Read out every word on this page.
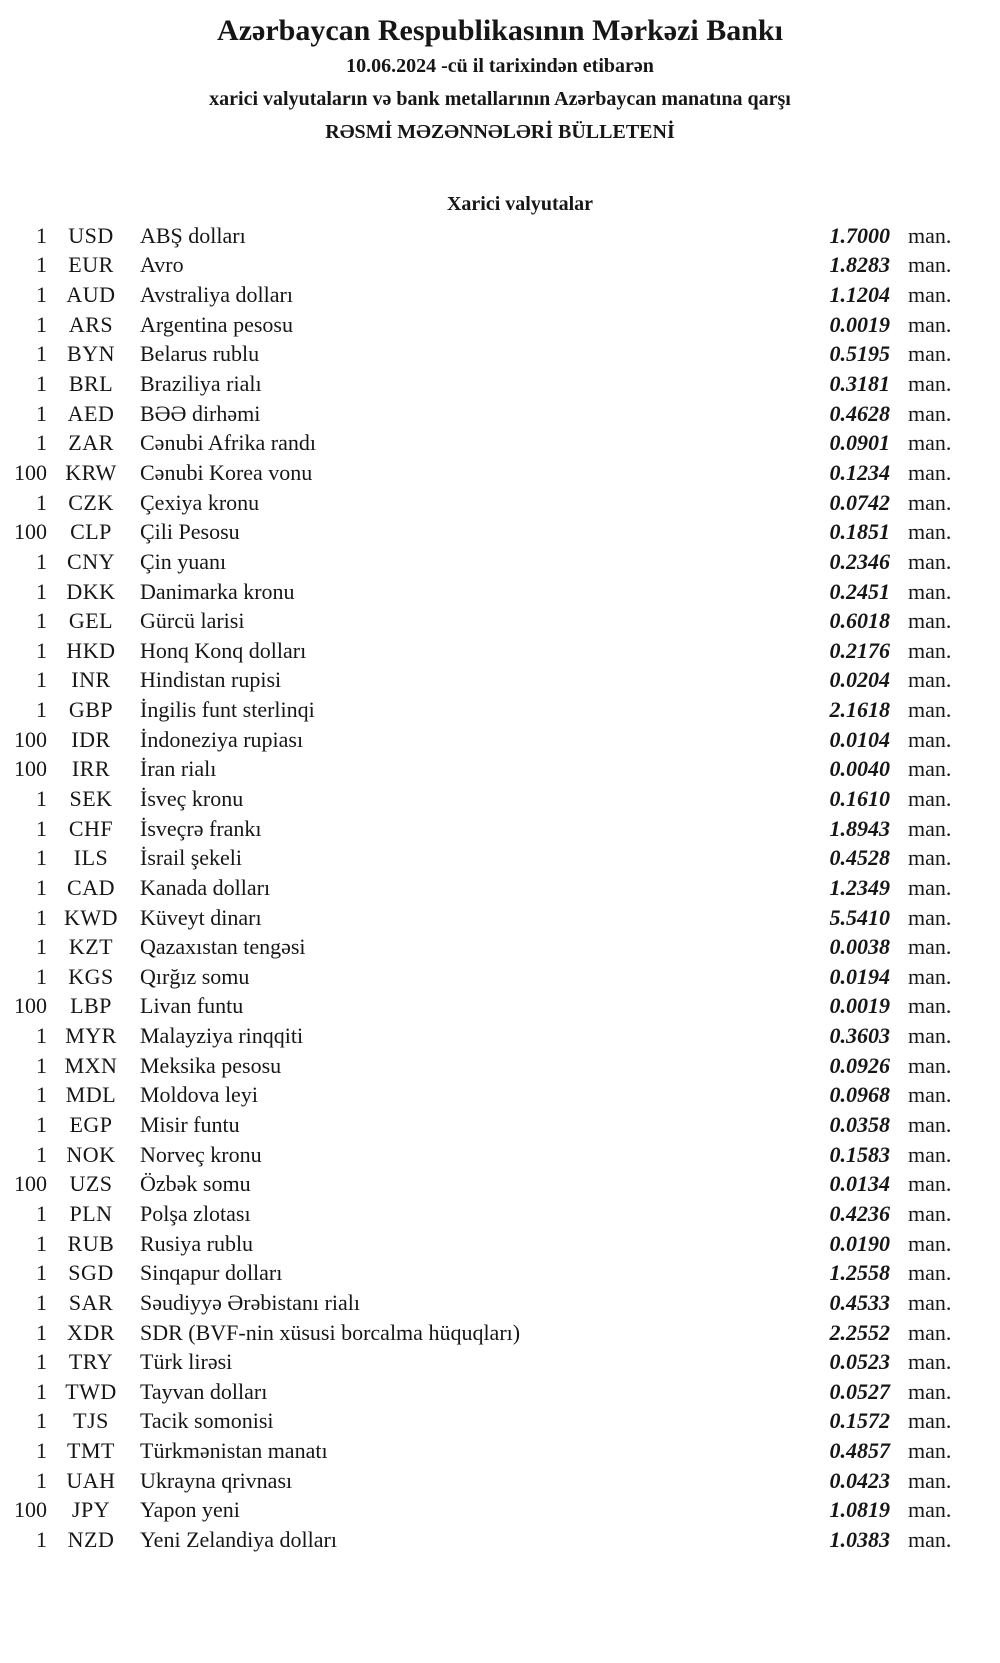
Azərbaycan Respublikasının Mərkəzi Bankı
10.06.2024 -cü il tarixindən etibarən
xarici valyutaların və bank metallarının Azərbaycan manatına qarşı
RƏSMİ MƏZƏNNƏLƏRİ BÜLLETENİ
Xarici valyutalar
1 USD	ABŞ dolları	1.7000 man.
1 EUR	Avro	1.8283 man.
1 AUD	Avstraliya dolları	1.1204 man.
1 ARS	Argentina pesosu	0.0019 man.
1 BYN	Belarus rublu	0.5195 man.
1 BRL	Braziliya rialı	0.3181 man.
1 AED	BƏƏ dirhəmi	0.4628 man.
1 ZAR	Cənubi Afrika randı	0.0901 man.
100 KRW	Cənubi Korea vonu	0.1234 man.
1 CZK	Çexiya kronu	0.0742 man.
100	CLP	Çili Pesosu	0.1851 man.
1 CNY	Çin yuanı	0.2346 man.
1 DKK	Danimarka kronu	0.2451 man.
1 GEL	Gürcü larisi	0.6018 man.
1 HKD	Honq Konq dolları	0.2176 man.
1	INR	Hindistan rupisi	0.0204 man.
1 GBP	İngilis funt sterlinqi	2.1618 man.
100	IDR	İndoneziya rupiası	0.0104 man.
100	IRR	İran rialı	0.0040 man.
1	SEK	İsveç kronu	0.1610 man.
1 CHF	İsveçrə frankı	1.8943 man.
1	ILS	İsrail şekeli	0.4528 man.
1 CAD	Kanada dolları	1.2349 man.
1 KWD Küveyt dinarı	5.5410 man.
1 KZT	Qazaxıstan tengəsi	0.0038 man.
1 KGS	Qırğız somu	0.0194 man.
100	LBP	Livan funtu	0.0019 man.
1 MYR	Malayziya rinqqiti	0.3603 man.
1 MXN	Meksika pesosu	0.0926 man.
1 MDL	Moldova leyi	0.0968 man.
1	EGP	Misir funtu	0.0358 man.
1 NOK	Norveç kronu	0.1583 man.
100	UZS	Özbək somu	0.0134 man.
1	PLN	Polşa zlotası	0.4236 man.
1 RUB	Rusiya rublu	0.0190 man.
1 SGD	Sinqapur dolları	1.2558 man.
1 SAR	Səudiyyə Ərəbistanı rialı	0.4533 man.
1 XDR	SDR (BVF-nin xüsusi borcalma hüquqları)	2.2552 man.
1 TRY	Türk lirəsi	0.0523 man.
1 TWD	Tayvan dolları	0.0527 man.
1	TJS	Tacik somonisi	0.1572 man.
1 TMT	Türkmənistan manatı	0.4857 man.
1 UAH	Ukrayna qrivnası	0.0423 man.
100	JPY	Yapon yeni	1.0819 man.
1 NZD	Yeni Zelandiya dolları	1.0383 man.
